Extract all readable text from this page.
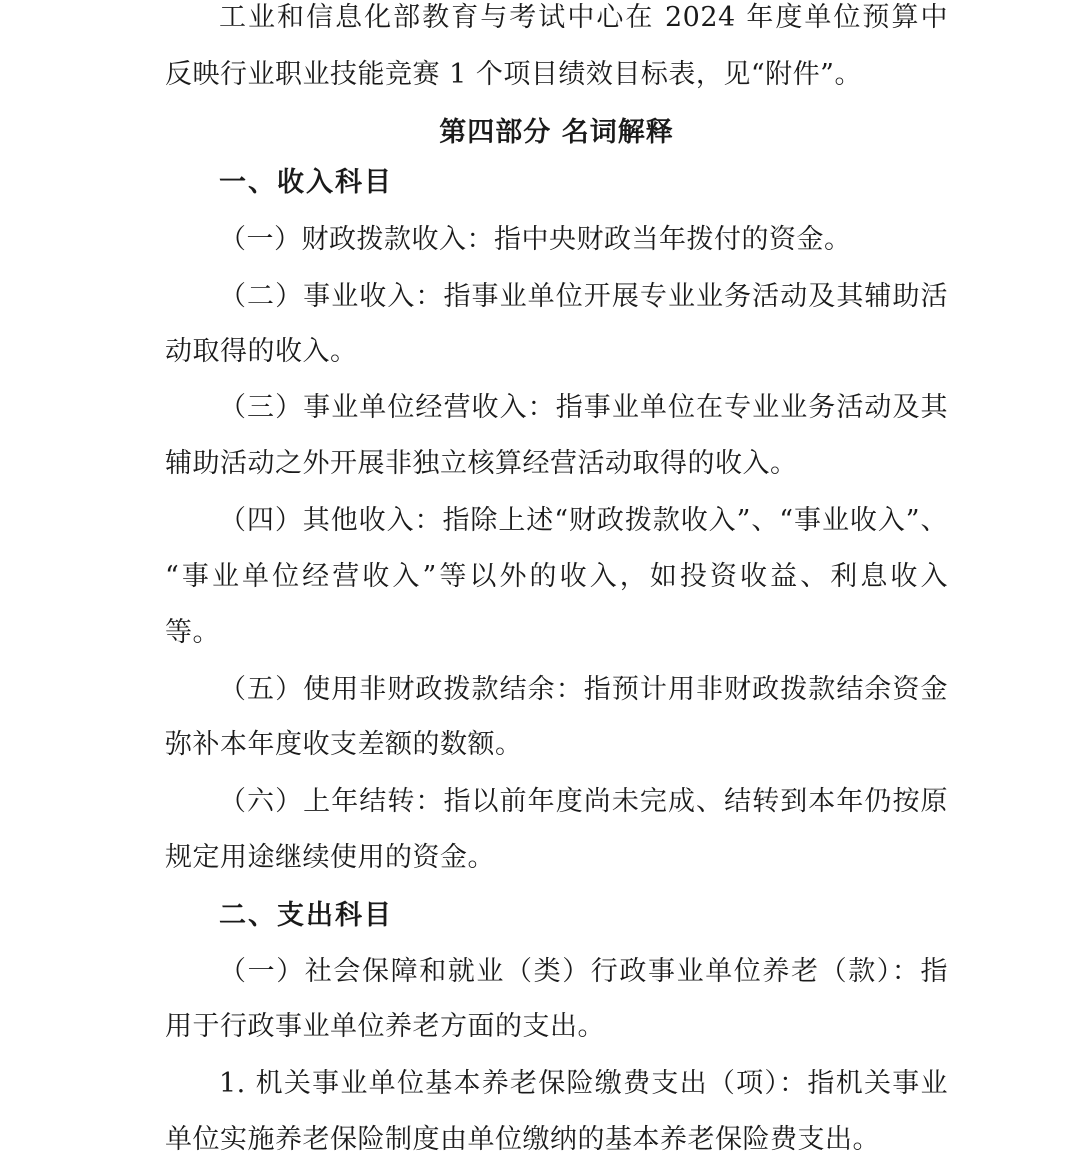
工业和信息化部教育与考试中心在 2024 年度单位预算中
反映行业职业技能竞赛 1 个项目绩效目标表，见“附件”。
第四部分 名词解释
一、收入科目
（一）财政拨款收入：指中央财政当年拨付的资金。
（二）事业收入：指事业单位开展专业业务活动及其辅助活
动取得的收入。
（三）事业单位经营收入：指事业单位在专业业务活动及其
辅助活动之外开展非独立核算经营活动取得的收入。
（四）其他收入：指除上述“财政拨款收入”、“事业收入”、
“事业单位经营收入”等以外的收入，如投资收益、利息收入
等。
（五）使用非财政拨款结余：指预计用非财政拨款结余资金
弥补本年度收支差额的数额。
（六）上年结转：指以前年度尚未完成、结转到本年仍按原
规定用途继续使用的资金。
二、支出科目
（一）社会保障和就业（类）行政事业单位养老（款）：指
用于行政事业单位养老方面的支出。
1. 机关事业单位基本养老保险缴费支出（项）：指机关事业
单位实施养老保险制度由单位缴纳的基本养老保险费支出。
